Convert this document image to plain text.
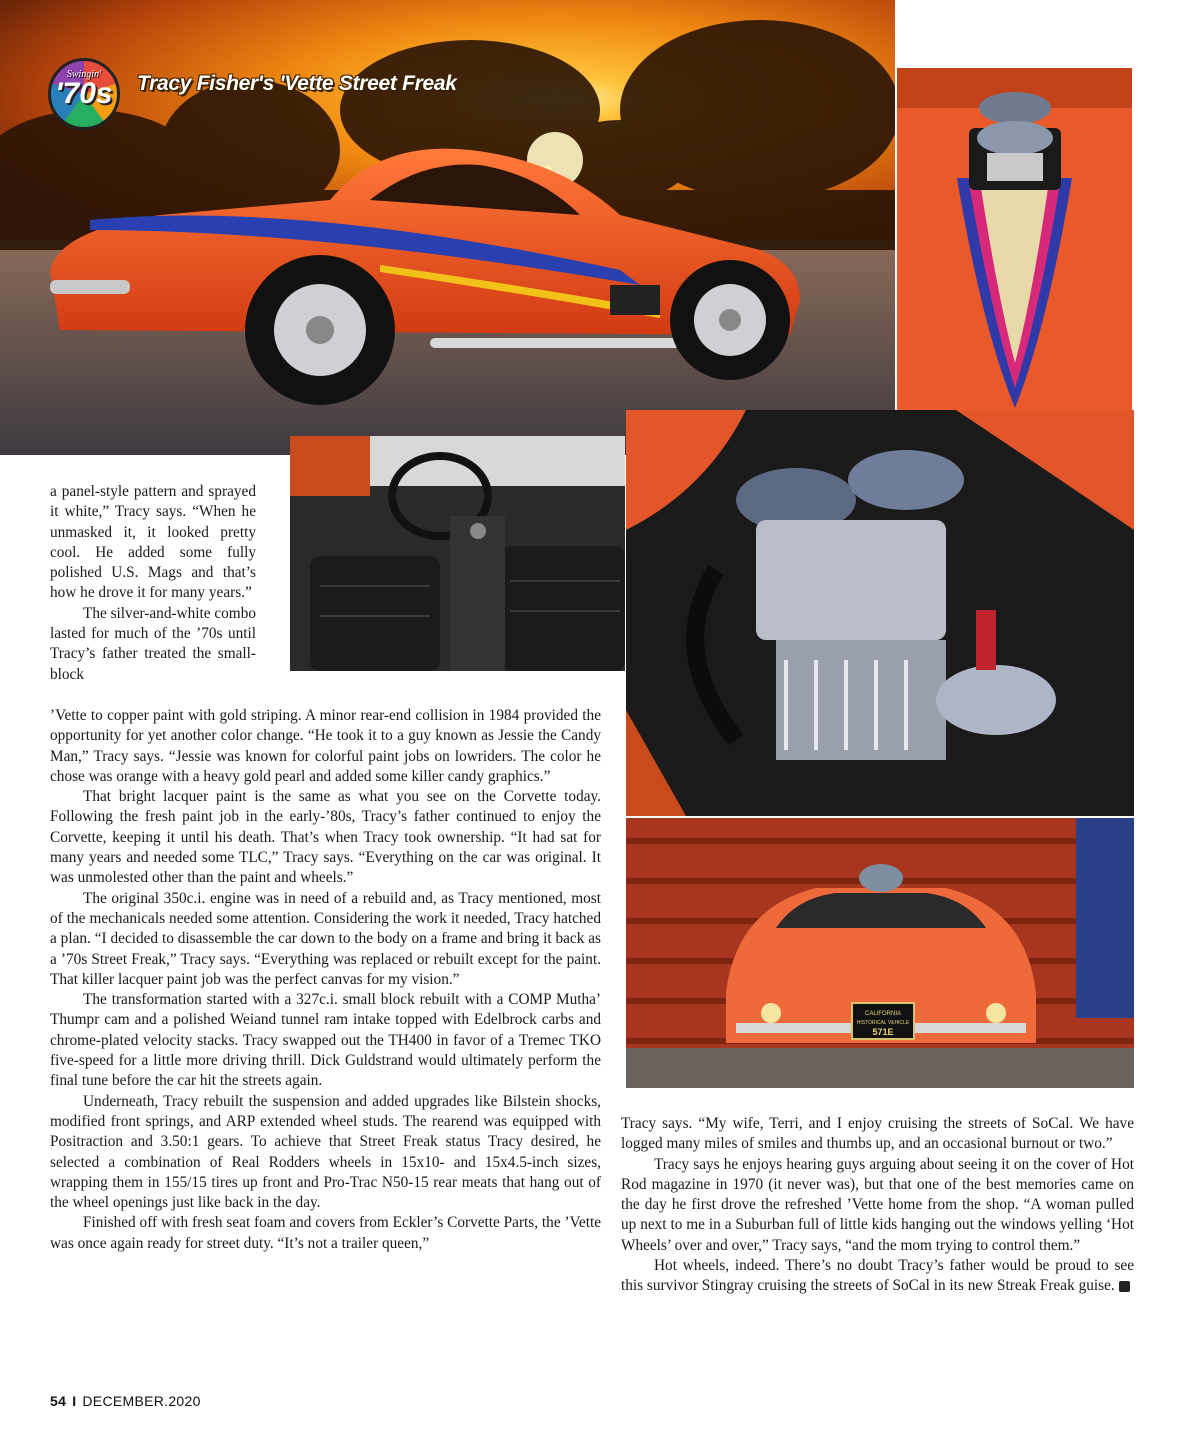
Swingin'
'70s Tracy Fisher's 'Vette Street Freak
CALIFORNIA
HISTORICAL VEHICLE
571E

a panel-style pattern and sprayed it white,” Tracy says. “When he unmasked it, it looked pretty cool. He added some fully polished U.S. Mags and that’s how he drove it for many years.”

The silver-and-white combo lasted for much of the ’70s until Tracy’s father treated the small-block

’Vette to copper paint with gold striping. A minor rear-end collision in 1984 provided the opportunity for yet another color change. “He took it to a guy known as Jessie the Candy Man,” Tracy says. “Jessie was known for colorful paint jobs on lowriders. The color he chose was orange with a heavy gold pearl and added some killer candy graphics.”

That bright lacquer paint is the same as what you see on the Corvette today. Following the fresh paint job in the early-’80s, Tracy’s father continued to enjoy the Corvette, keeping it until his death. That’s when Tracy took ownership. “It had sat for many years and needed some TLC,” Tracy says. “Everything on the car was original. It was unmolested other than the paint and wheels.”

The original 350c.i. engine was in need of a rebuild and, as Tracy mentioned, most of the mechanicals needed some attention. Considering the work it needed, Tracy hatched a plan. “I decided to disassemble the car down to the body on a frame and bring it back as a ’70s Street Freak,” Tracy says. “Everything was replaced or rebuilt except for the paint. That killer lacquer paint job was the perfect canvas for my vision.”

The transformation started with a 327c.i. small block rebuilt with a COMP Mutha’ Thumpr cam and a polished Weiand tunnel ram intake topped with Edelbrock carbs and chrome-plated velocity stacks. Tracy swapped out the TH400 in favor of a Tremec TKO five-speed for a little more driving thrill. Dick Guldstrand would ultimately perform the final tune before the car hit the streets again.

Underneath, Tracy rebuilt the suspension and added upgrades like Bilstein shocks, modified front springs, and ARP extended wheel studs. The rearend was equipped with Positraction and 3.50:1 gears. To achieve that Street Freak status Tracy desired, he selected a combination of Real Rodders wheels in 15x10- and 15x4.5-inch sizes, wrapping them in 155/15 tires up front and Pro-Trac N50-15 rear meats that hang out of the wheel openings just like back in the day.

Finished off with fresh seat foam and covers from Eckler’s Corvette Parts, the ’Vette was once again ready for street duty. “It’s not a trailer queen,”

Tracy says. “My wife, Terri, and I enjoy cruising the streets of SoCal. We have logged many miles of smiles and thumbs up, and an occasional burnout or two.”

Tracy says he enjoys hearing guys arguing about seeing it on the cover of Hot Rod magazine in 1970 (it never was), but that one of the best memories came on the day he first drove the refreshed ’Vette home from the shop. “A woman pulled up next to me in a Suburban full of little kids hanging out the windows yelling ‘Hot Wheels’ over and over,” Tracy says, “and the mom trying to control them.”

Hot wheels, indeed. There’s no doubt Tracy’s father would be proud to see this survivor Stingray cruising the streets of SoCal in its new Streak Freak guise.	CC

54 I DECEMBER.2020
